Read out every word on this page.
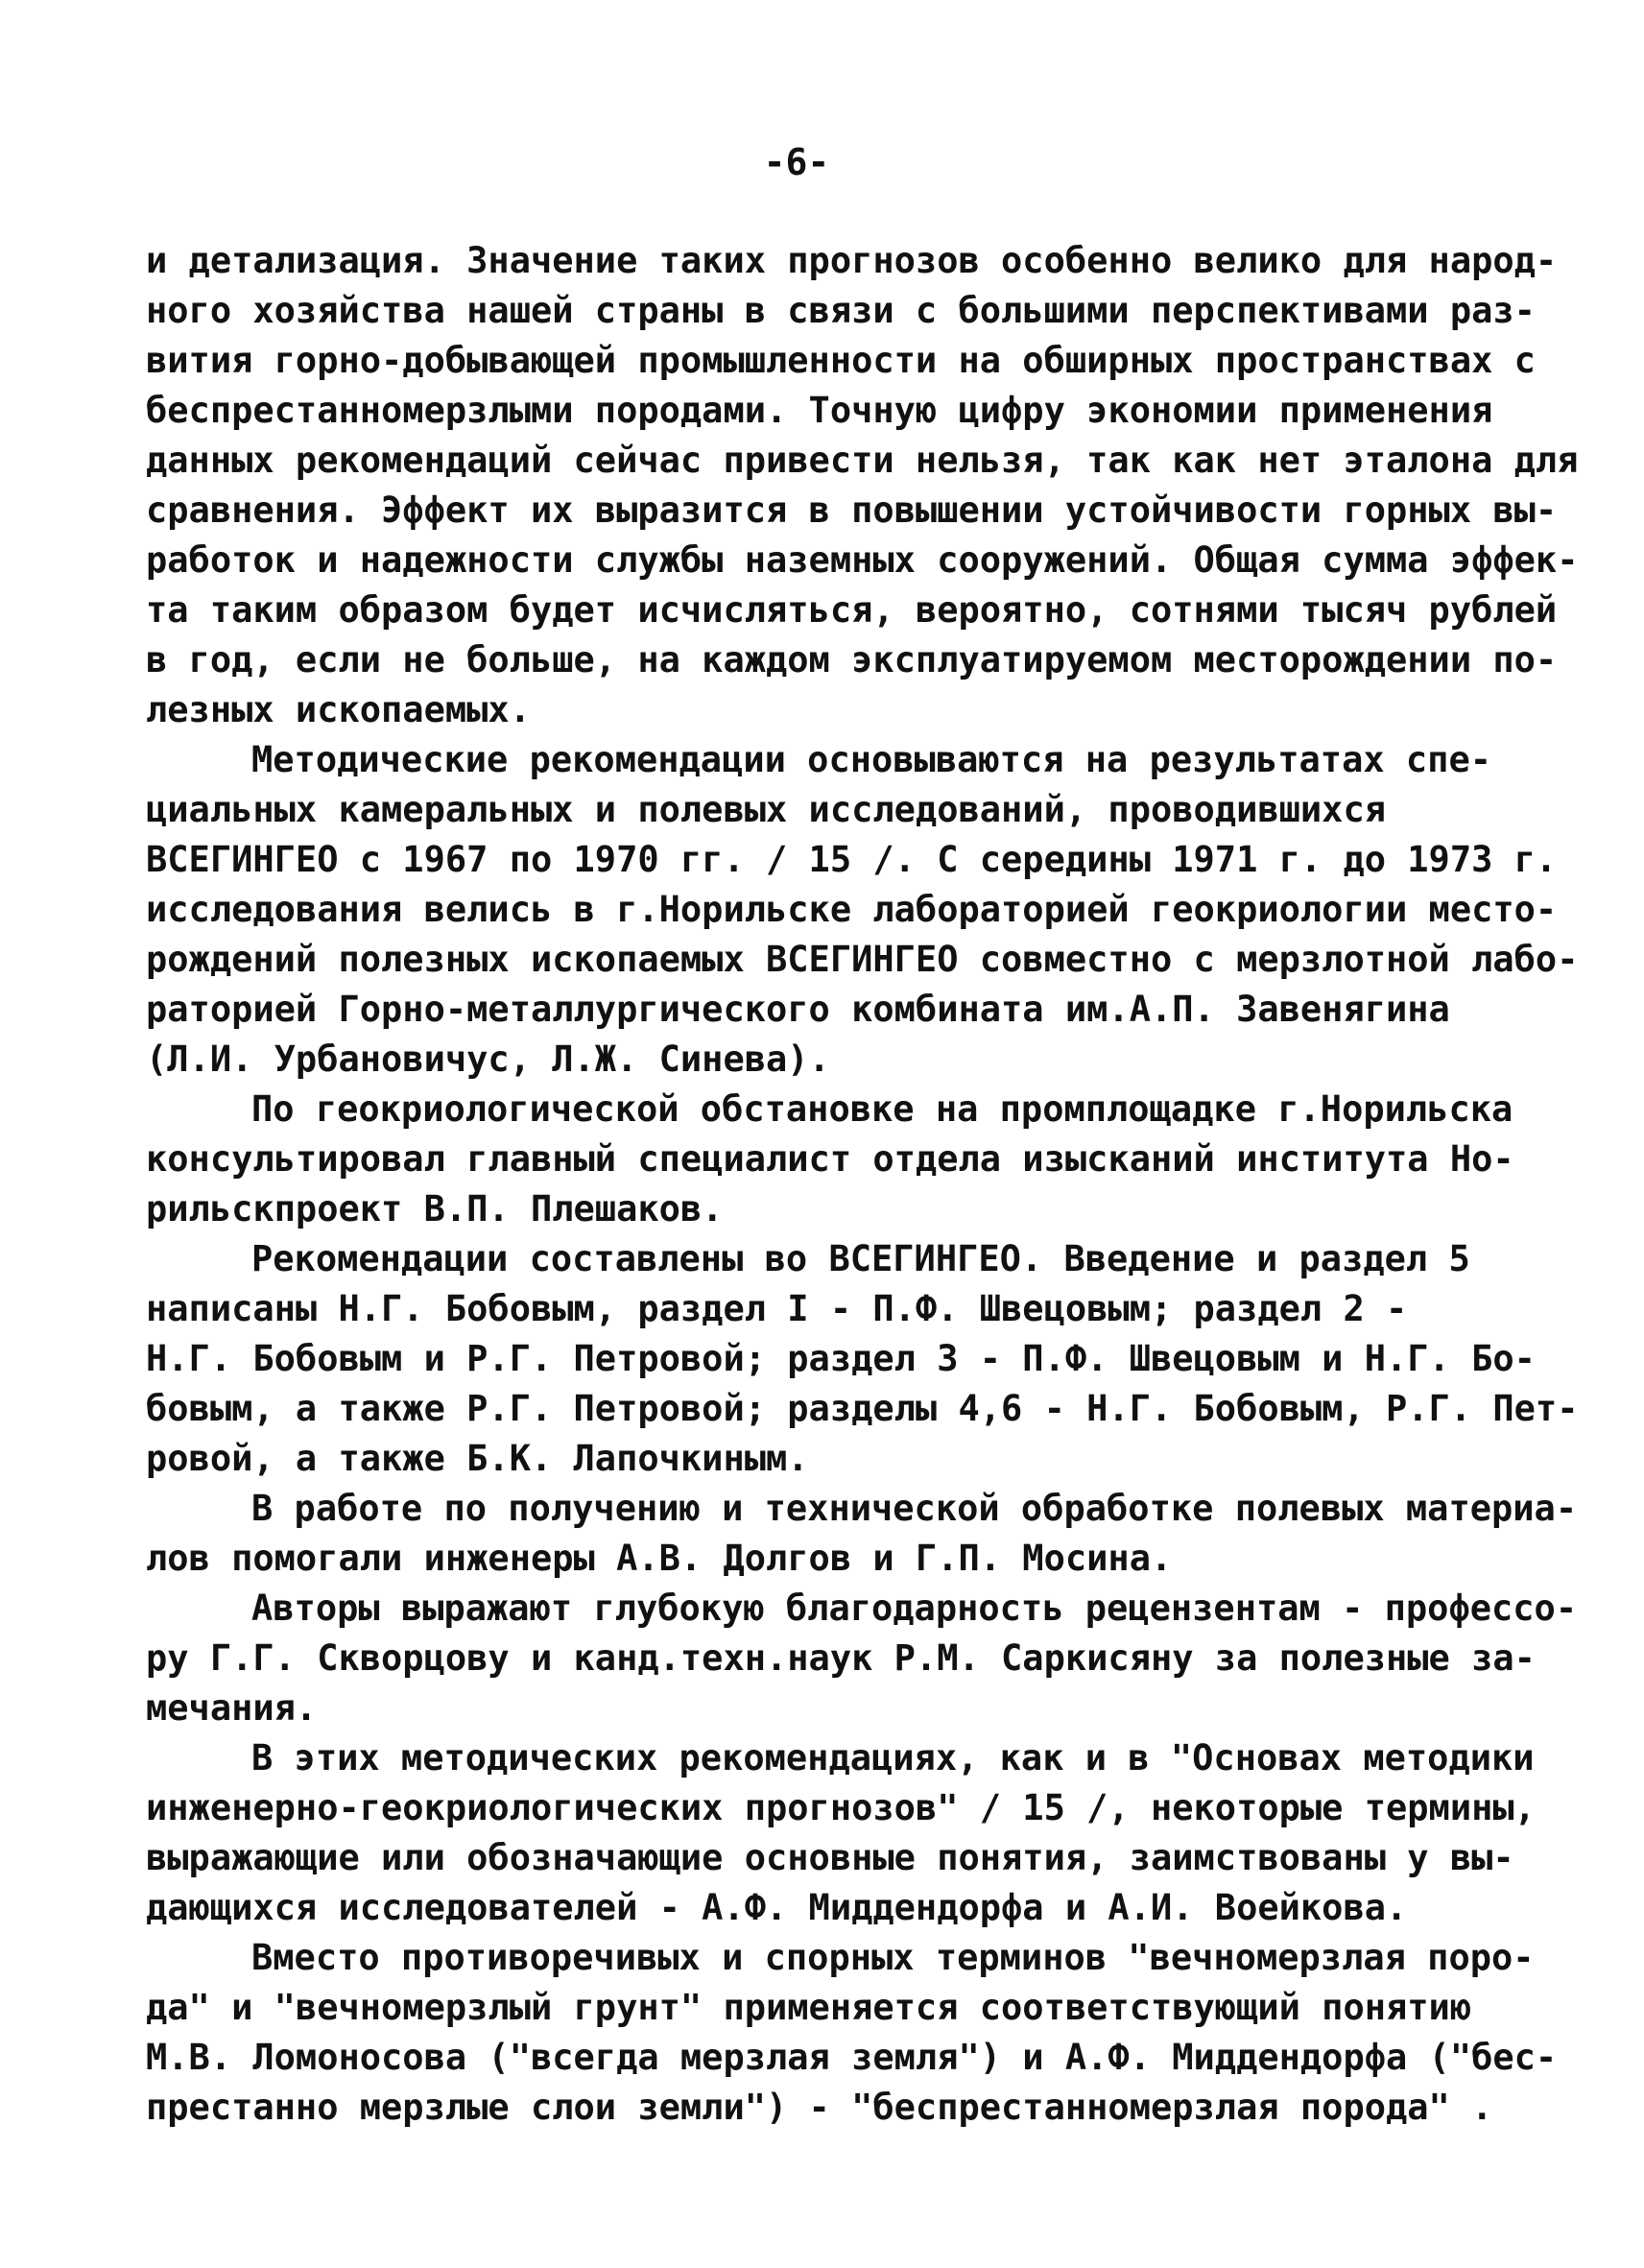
-6-
и детализация. Значение таких прогнозов особенно велико для народ-
ного хозяйства нашей страны в связи с большими перспективами раз-
вития горно-добывающей промышленности на обширных пространствах с
беспрестанномерзлыми породами. Точную цифру экономии применения
данных рекомендаций сейчас привести нельзя, так как нет эталона для
сравнения. Эффект их выразится в повышении устойчивости горных вы-
работок и надежности службы наземных сооружений. Общая сумма эффек-
та таким образом будет исчисляться, вероятно, сотнями тысяч рублей
в год, если не больше, на каждом эксплуатируемом месторождении по-
лезных ископаемых.
Методические рекомендации основываются на результатах спе-
циальных камеральных и полевых исследований, проводившихся
ВСЕГИНГЕО с 1967 по 1970 гг. / 15 /. С середины 1971 г. до 1973 г.
исследования велись в г.Норильске лабораторией геокриологии место-
рождений полезных ископаемых ВСЕГИНГЕО совместно с мерзлотной лабо-
раторией Горно-металлургического комбината им.А.П. Завенягина
(Л.И. Урбановичус, Л.Ж. Синева).
По геокриологической обстановке на промплощадке г.Норильска
консультировал главный специалист отдела изысканий института Но-
рильскпроект В.П. Плешаков.
Рекомендации составлены во ВСЕГИНГЕО. Введение и раздел 5
написаны Н.Г. Бобовым, раздел I - П.Ф. Швецовым; раздел 2 -
Н.Г. Бобовым и Р.Г. Петровой; раздел 3 - П.Ф. Швецовым и Н.Г. Бо-
бовым, а также Р.Г. Петровой; разделы 4,6 - Н.Г. Бобовым, Р.Г. Пет-
ровой, а также Б.К. Лапочкиным.
В работе по получению и технической обработке полевых материа-
лов помогали инженеры А.В. Долгов и Г.П. Мосина.
Авторы выражают глубокую благодарность рецензентам - профессо-
ру Г.Г. Скворцову и канд.техн.наук Р.М. Саркисяну за полезные за-
мечания.
В этих методических рекомендациях, как и в "Основах методики
инженерно-геокриологических прогнозов" / 15 /, некоторые термины,
выражающие или обозначающие основные понятия, заимствованы у вы-
дающихся исследователей - А.Ф. Миддендорфа и А.И. Воейкова.
Вместо противоречивых и спорных терминов "вечномерзлая поро-
да" и "вечномерзлый грунт" применяется соответствующий понятию
М.В. Ломоносова ("всегда мерзлая земля") и А.Ф. Миддендорфа ("бес-
престанно мерзлые слои земли") - "беспрестанномерзлая порода" .
